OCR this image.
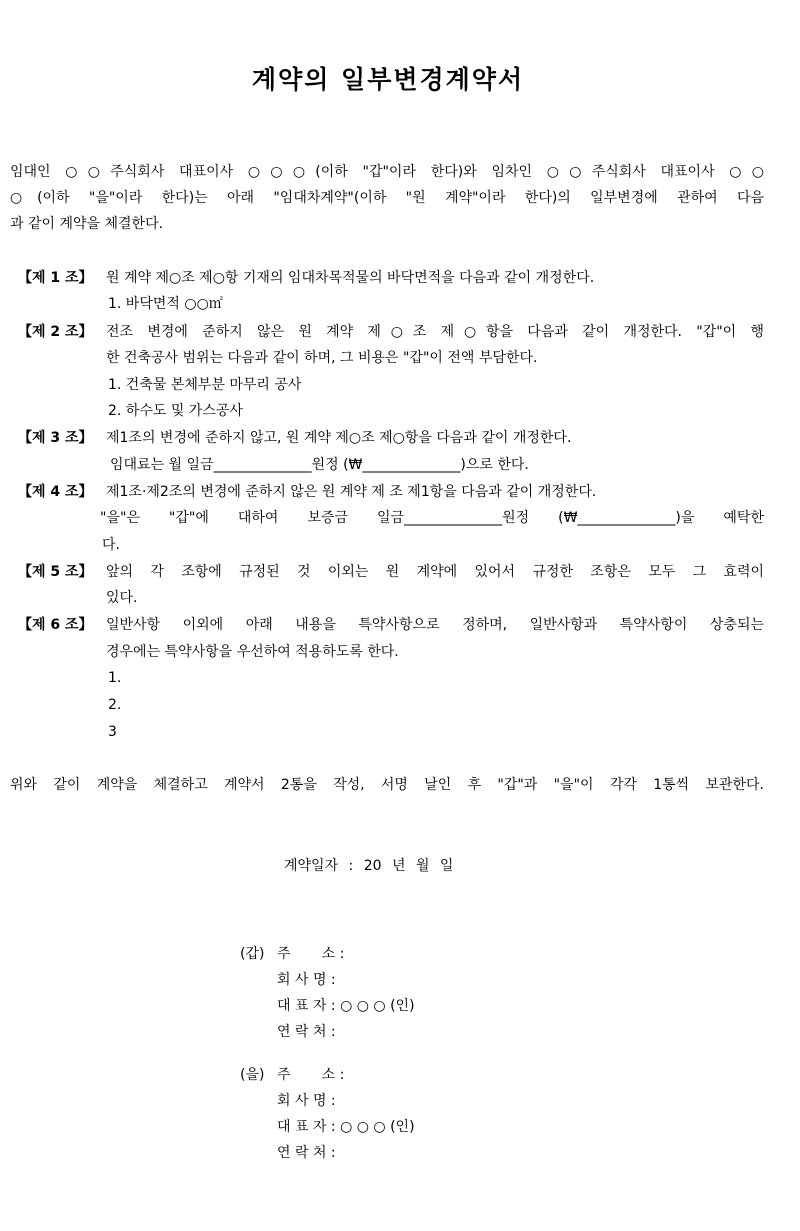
계약의 일부변경계약서
임대인 ○○주식회사 대표이사 ○○○(이하 "갑"이라 한다)와 임차인 ○○주식회사 대표이사 ○○
○(이하 "을"이라 한다)는 아래 "임대차계약"(이하 "원 계약"이라 한다)의 일부변경에 관하여 다음
과 같이 계약을 체결한다.
【제 1 조】 원 계약 제○조 제○항 기재의 임대차목적물의 바닥면적을 다음과 같이 개정한다.
1. 바닥면적 ○○㎡
【제 2 조】 전조 변경에 준하지 않은 원 계약 제○조 제○항을 다음과 같이 개정한다. "갑"이 행
한 건축공사 범위는 다음과 같이 하며, 그 비용은 "갑"이 전액 부담한다.
1. 건축물 본체부분 마무리 공사
2. 하수도 및 가스공사
【제 3 조】 제1조의 변경에 준하지 않고, 원 계약 제○조 제○항을 다음과 같이 개정한다.
임대료는 월 일금______________원정 (₩______________)으로 한다.
【제 4 조】 제1조·제2조의 변경에 준하지 않은 원 계약 제 조 제1항을 다음과 같이 개정한다.
"을"은 "갑"에 대하여 보증금 일금______________원정 (₩______________)을 예탁한
다.
【제 5 조】 앞의 각 조항에 규정된 것 이외는 원 계약에 있어서 규정한 조항은 모두 그 효력이
있다.
【제 6 조】 일반사항 이외에 아래 내용을 특약사항으로 정하며, 일반사항과 특약사항이 상충되는
경우에는 특약사항을 우선하여 적용하도록 한다.
1.
2.
3
위와 같이 계약을 체결하고 계약서 2통을 작성, 서명 날인 후 "갑"과 "을"이 각각 1통씩 보관한다.
계약일자 : 20 년 월 일
(갑) 주       소 :
회 사 명 :
대 표 자 : ○ ○ ○ (인)
연 락 처 :
(을) 주       소 :
회 사 명 :
대 표 자 : ○ ○ ○ (인)
연 락 처 :
